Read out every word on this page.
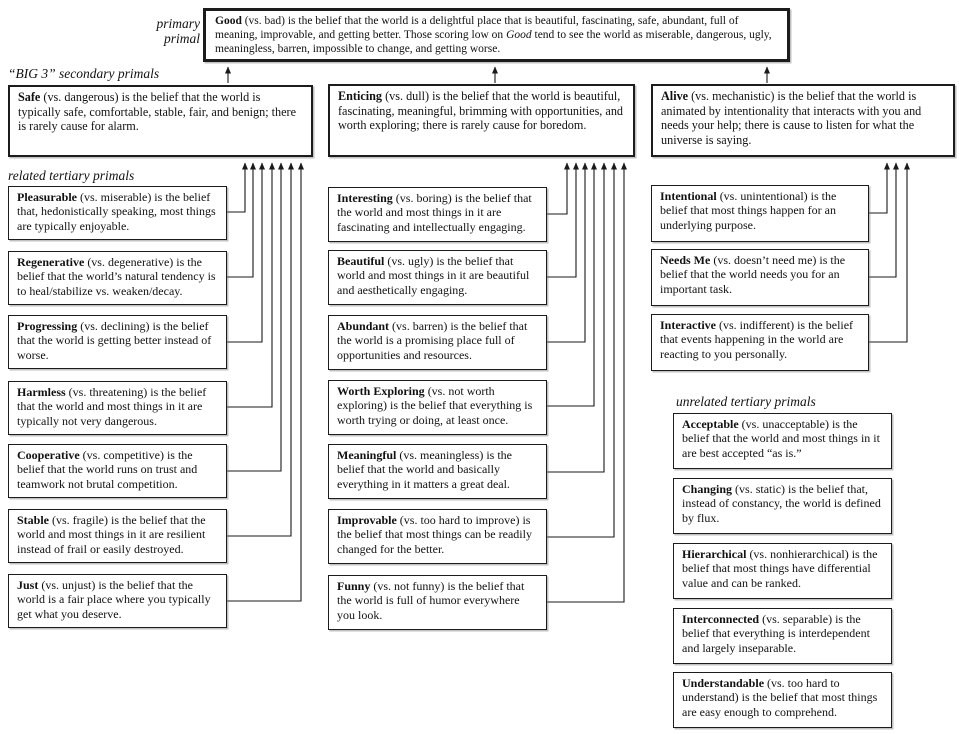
primary primal
“BIG 3” secondary primals
related tertiary primals
unrelated tertiary primals
Good (vs. bad) is the belief that the world is a delightful place that is beautiful, fascinating, safe, abundant, full of meaning, improvable, and getting better. Those scoring low on Good tend to see the world as miserable, dangerous, ugly, meaningless, barren, impossible to change, and getting worse.
Safe (vs. dangerous) is the belief that the world is typically safe, comfortable, stable, fair, and benign; there is rarely cause for alarm.
Enticing (vs. dull) is the belief that the world is beautiful, fascinating, meaningful, brimming with opportunities, and worth exploring; there is rarely cause for boredom.
Alive (vs. mechanistic) is the belief that the world is animated by intentionality that interacts with you and needs your help; there is cause to listen for what the universe is saying.
Pleasurable (vs. miserable) is the belief that, hedonistically speaking, most things are typically enjoyable.
Regenerative (vs. degenerative) is the belief that the world’s natural tendency is to heal/stabilize vs. weaken/decay.
Progressing (vs. declining) is the belief that the world is getting better instead of worse.
Harmless (vs. threatening) is the belief that the world and most things in it are typically not very dangerous.
Cooperative (vs. competitive) is the belief that the world runs on trust and teamwork not brutal competition.
Stable (vs. fragile) is the belief that the world and most things in it are resilient instead of frail or easily destroyed.
Just (vs. unjust) is the belief that the world is a fair place where you typically get what you deserve.
Interesting (vs. boring) is the belief that the world and most things in it are fascinating and intellectually engaging.
Beautiful (vs. ugly) is the belief that world and most things in it are beautiful and aesthetically engaging.
Abundant (vs. barren) is the belief that the world is a promising place full of opportunities and resources.
Worth Exploring (vs. not worth exploring) is the belief that everything is worth trying or doing, at least once.
Meaningful (vs. meaningless) is the belief that the world and basically everything in it matters a great deal.
Improvable (vs. too hard to improve) is the belief that most things can be readily changed for the better.
Funny (vs. not funny) is the belief that the world is full of humor everywhere you look.
Intentional (vs. unintentional) is the belief that most things happen for an underlying purpose.
Needs Me (vs. doesn’t need me) is the belief that the world needs you for an important task.
Interactive (vs. indifferent) is the belief that events happening in the world are reacting to you personally.
Acceptable (vs. unacceptable) is the belief that the world and most things in it are best accepted “as is.”
Changing (vs. static) is the belief that, instead of constancy, the world is defined by flux.
Hierarchical (vs. nonhierarchical) is the belief that most things have differential value and can be ranked.
Interconnected (vs. separable) is the belief that everything is interdependent and largely inseparable.
Understandable (vs. too hard to understand) is the belief that most things are easy enough to comprehend.
